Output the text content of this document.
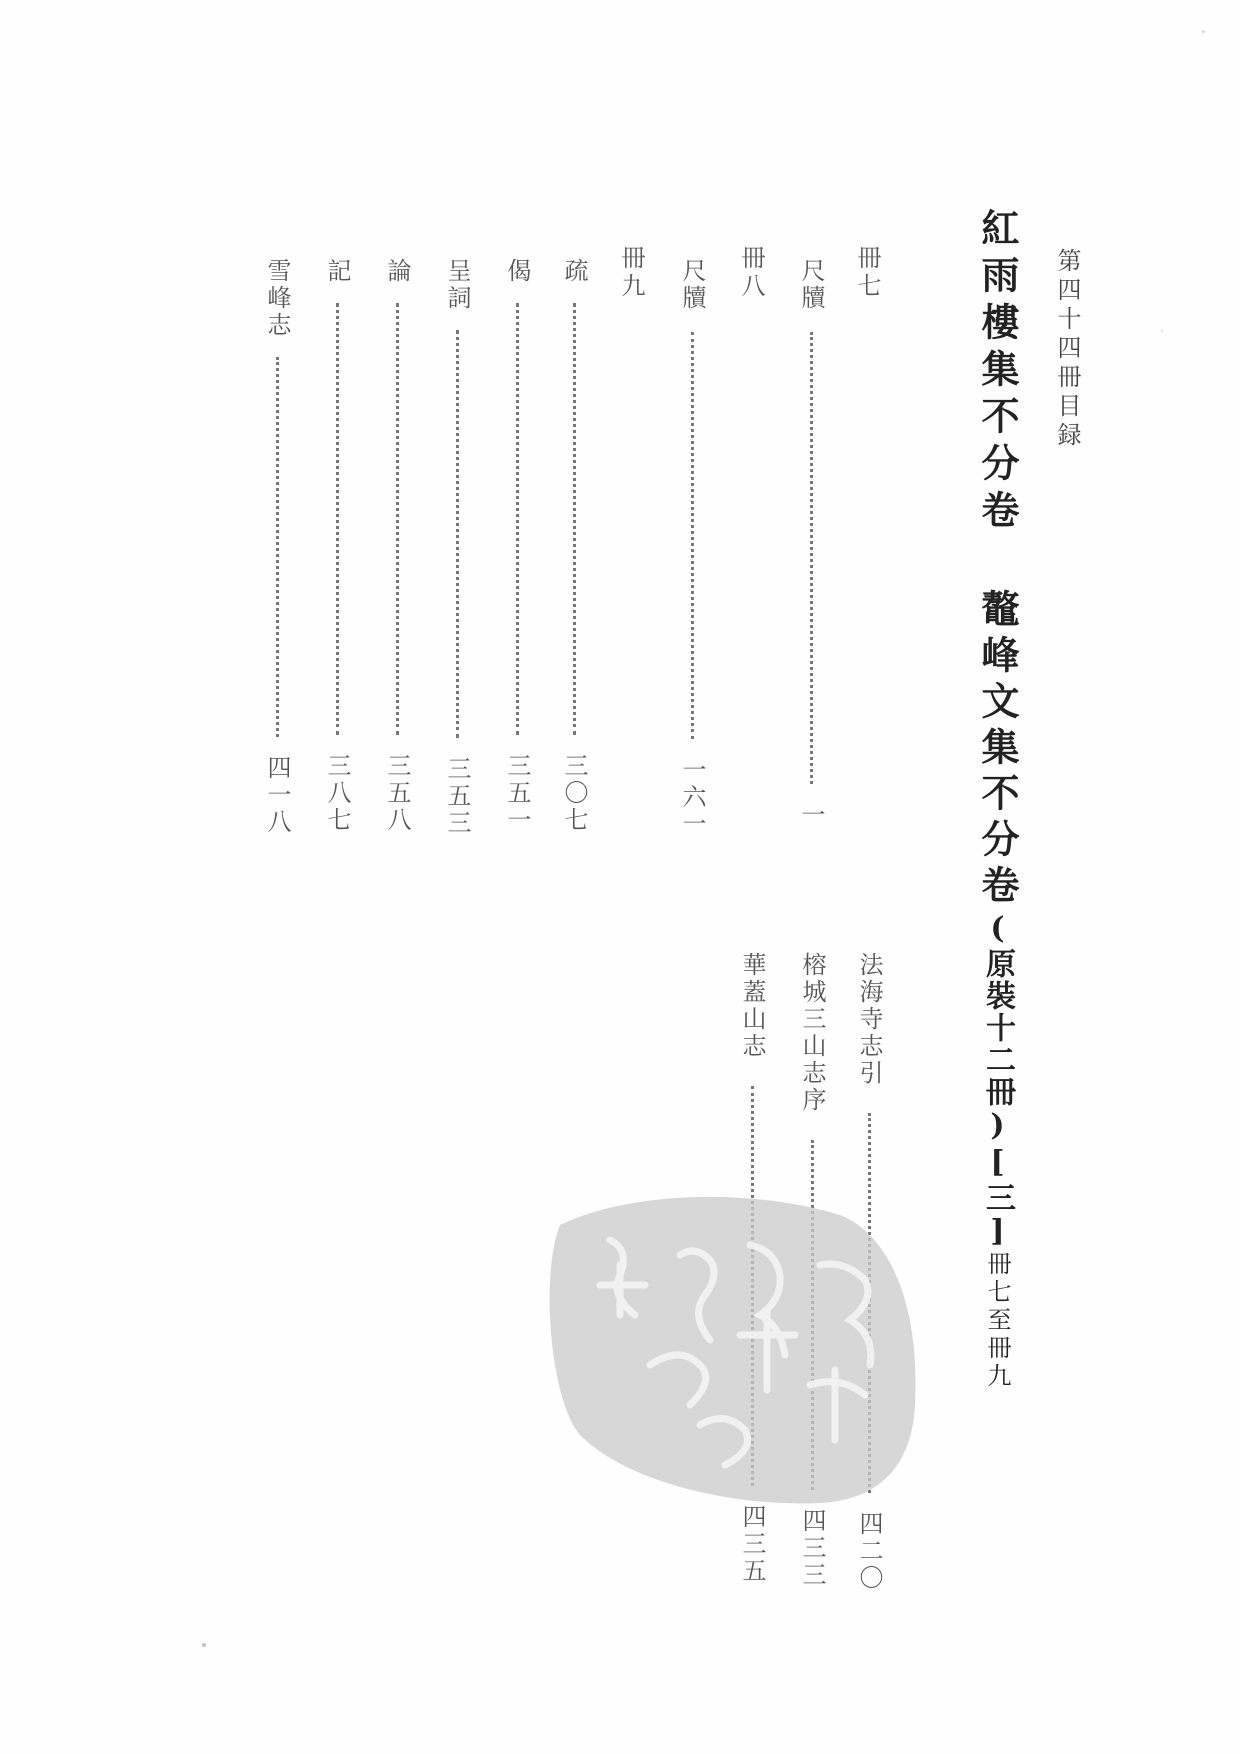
第四十四冊目録
紅雨樓集不分卷鼇峰文集不分卷(原裝十二冊)[三]冊七至冊九
冊七
尺牘一
冊八
尺牘一六一
冊九
疏三〇七
偈三五一
呈詞三五三
論三五八
記三八七
雪峰志四一八
法海寺志引四二〇
榕城三山志序四三三
華蓋山志四三五
